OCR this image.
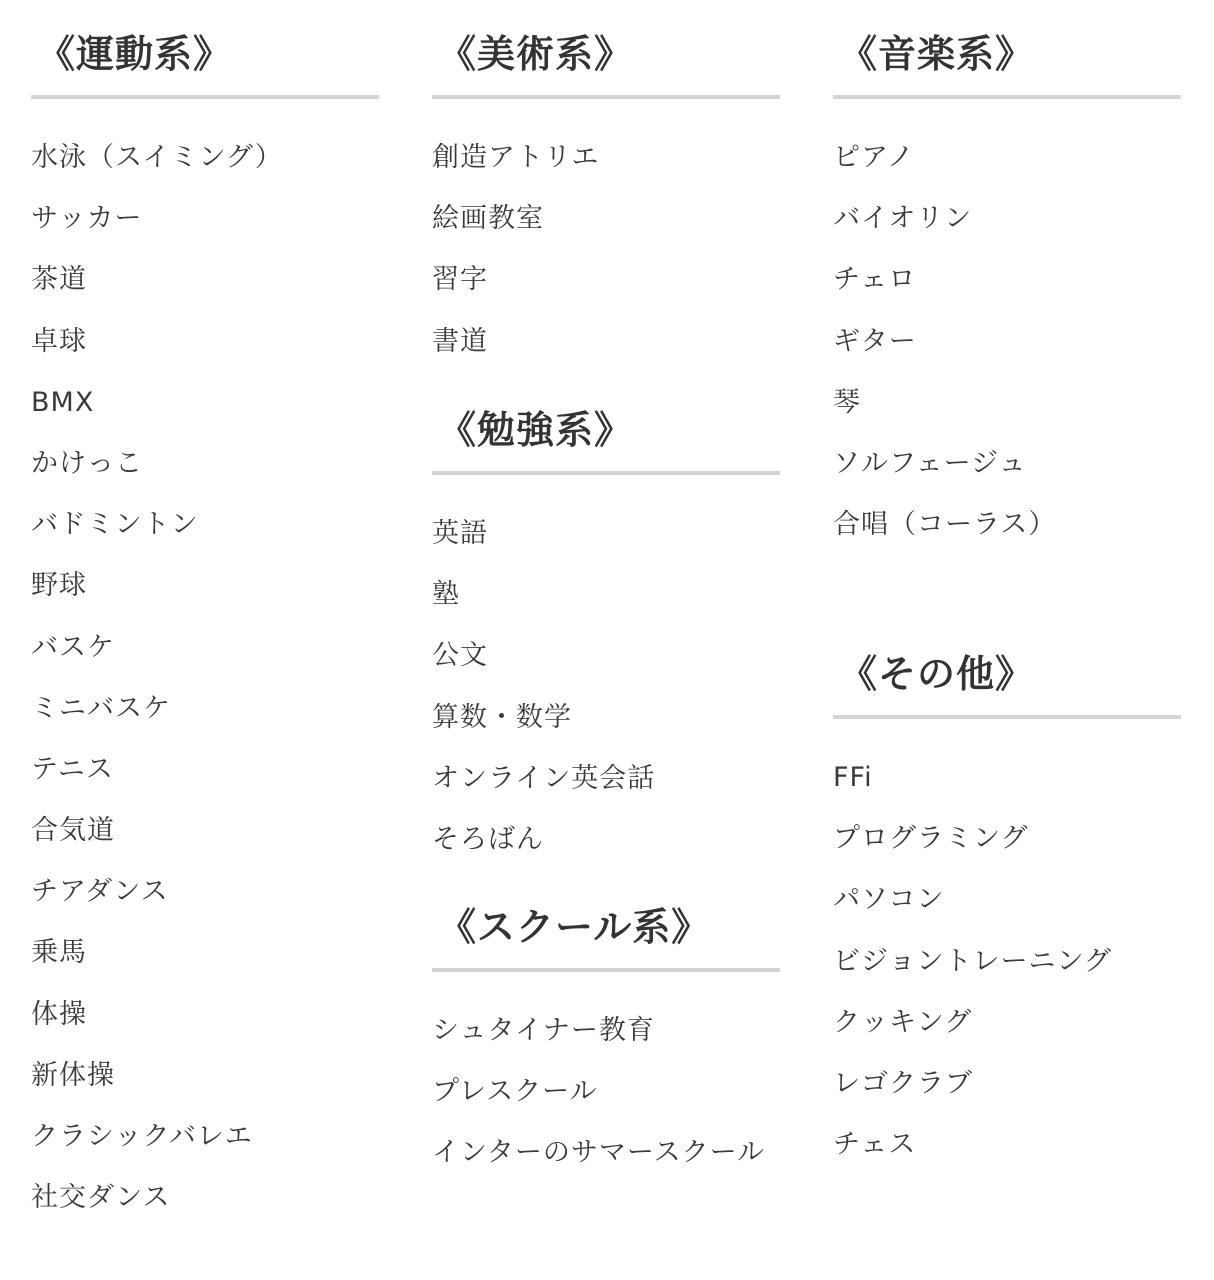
《運動系》
水泳（スイミング）
サッカー
茶道
卓球
BMX
かけっこ
バドミントン
野球
バスケ
ミニバスケ
テニス
合気道
チアダンス
乗馬
体操
新体操
クラシックバレエ
社交ダンス
《美術系》
創造アトリエ
絵画教室
習字
書道
《勉強系》
英語
塾
公文
算数・数学
オンライン英会話
そろばん
《スクール系》
シュタイナー教育
プレスクール
インターのサマースクール
《音楽系》
ピアノ
バイオリン
チェロ
ギター
琴
ソルフェージュ
合唱（コーラス）
《その他》
FFi
プログラミング
パソコン
ビジョントレーニング
クッキング
レゴクラブ
チェス
